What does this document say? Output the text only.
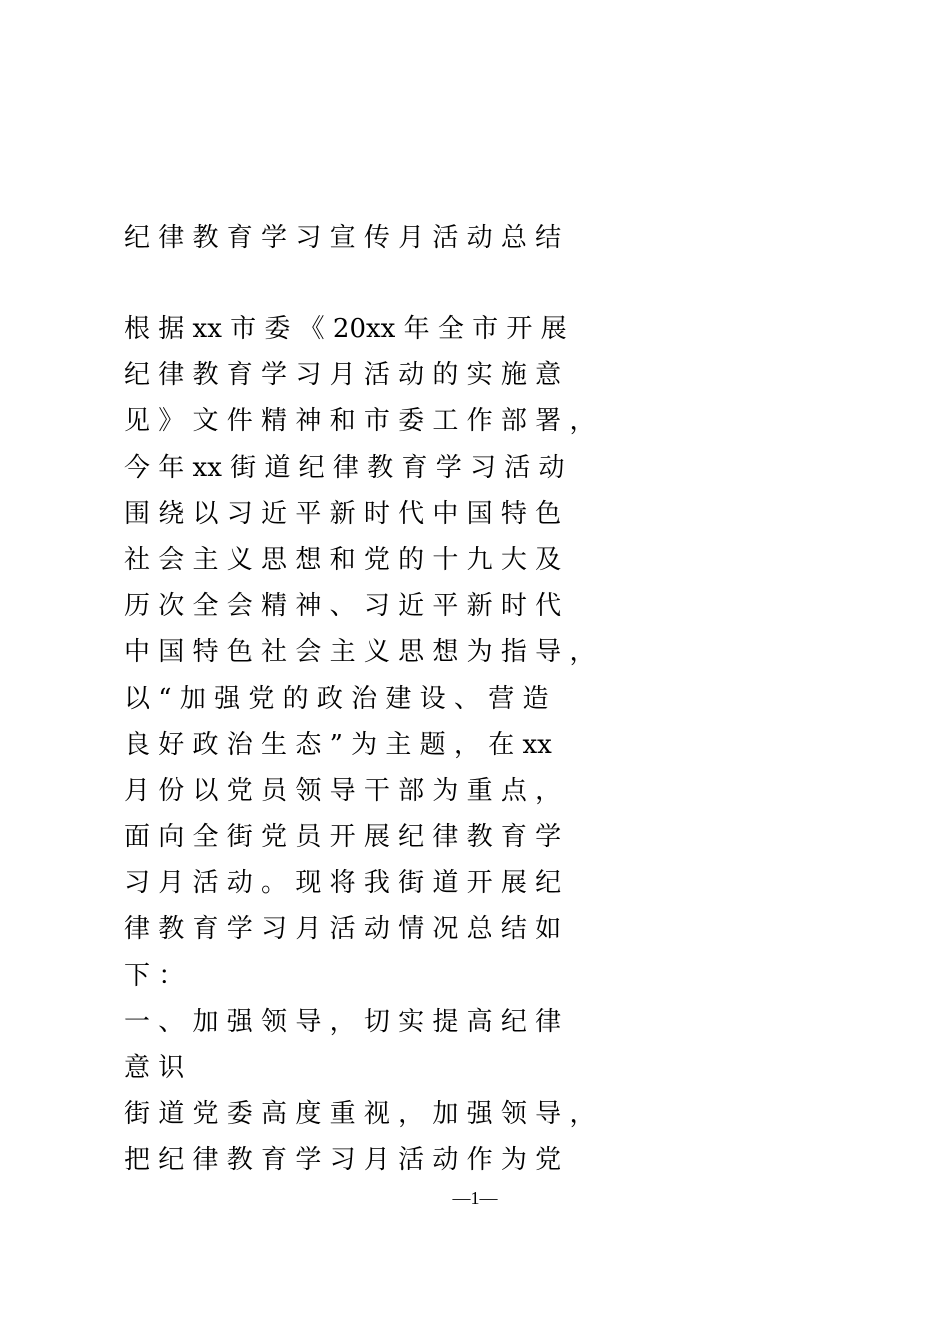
纪 律 教 育 学 习 宣 传 月 活 动 总 结
根 据 xx 市 委 《 20xx 年 全 市 开 展
纪 律 教 育 学 习 月 活 动 的 实 施 意
见 》 文 件 精 神 和 市 委 工 作 部 署 ，
今 年 xx 街 道 纪 律 教 育 学 习 活 动
围 绕 以 习 近 平 新 时 代 中 国 特 色
社 会 主 义 思 想 和 党 的 十 九 大 及
历 次 全 会 精 神 、 习 近 平 新 时 代
中 国 特 色 社 会 主 义 思 想 为 指 导 ，
以 “ 加 强 党 的 政 治 建 设 、 营 造
良 好 政 治 生 态 ” 为 主 题 ， 在 xx
月 份 以 党 员 领 导 干 部 为 重 点 ，
面 向 全 街 党 员 开 展 纪 律 教 育 学
习 月 活 动 。 现 将 我 街 道 开 展 纪
律 教 育 学 习 月 活 动 情 况 总 结 如
下 ：
一 、 加 强 领 导 ， 切 实 提 高 纪 律
意 识
街 道 党 委 高 度 重 视 ， 加 强 领 导 ，
把 纪 律 教 育 学 习 月 活 动 作 为 党
—1—
